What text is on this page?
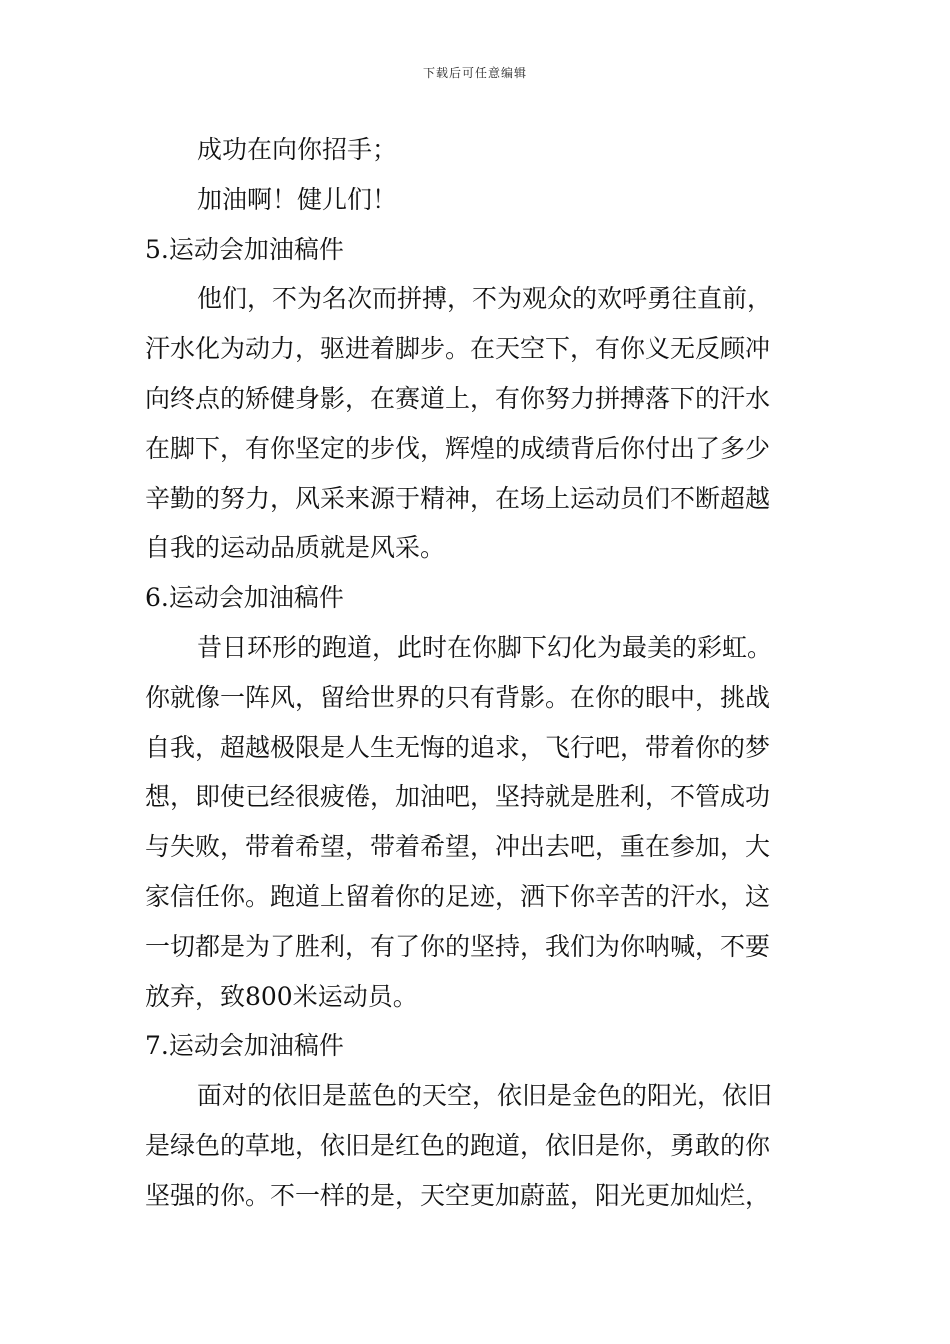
下载后可任意编辑
成功在向你招手；
加油啊！健儿们！
5.运动会加油稿件
他们，不为名次而拼搏，不为观众的欢呼勇往直前，
汗水化为动力，驱进着脚步。在天空下，有你义无反顾冲
向终点的矫健身影，在赛道上，有你努力拼搏落下的汗水
在脚下，有你坚定的步伐，辉煌的成绩背后你付出了多少
辛勤的努力，风采来源于精神，在场上运动员们不断超越
自我的运动品质就是风采。
6.运动会加油稿件
昔日环形的跑道，此时在你脚下幻化为最美的彩虹。
你就像一阵风，留给世界的只有背影。在你的眼中，挑战
自我，超越极限是人生无悔的追求，飞行吧，带着你的梦
想，即使已经很疲倦，加油吧，坚持就是胜利，不管成功
与失败，带着希望，带着希望，冲出去吧，重在参加，大
家信任你。跑道上留着你的足迹，洒下你辛苦的汗水，这
一切都是为了胜利，有了你的坚持，我们为你呐喊，不要
放弃，致800米运动员。
7.运动会加油稿件
面对的依旧是蓝色的天空，依旧是金色的阳光，依旧
是绿色的草地，依旧是红色的跑道，依旧是你，勇敢的你
坚强的你。不一样的是，天空更加蔚蓝，阳光更加灿烂，
